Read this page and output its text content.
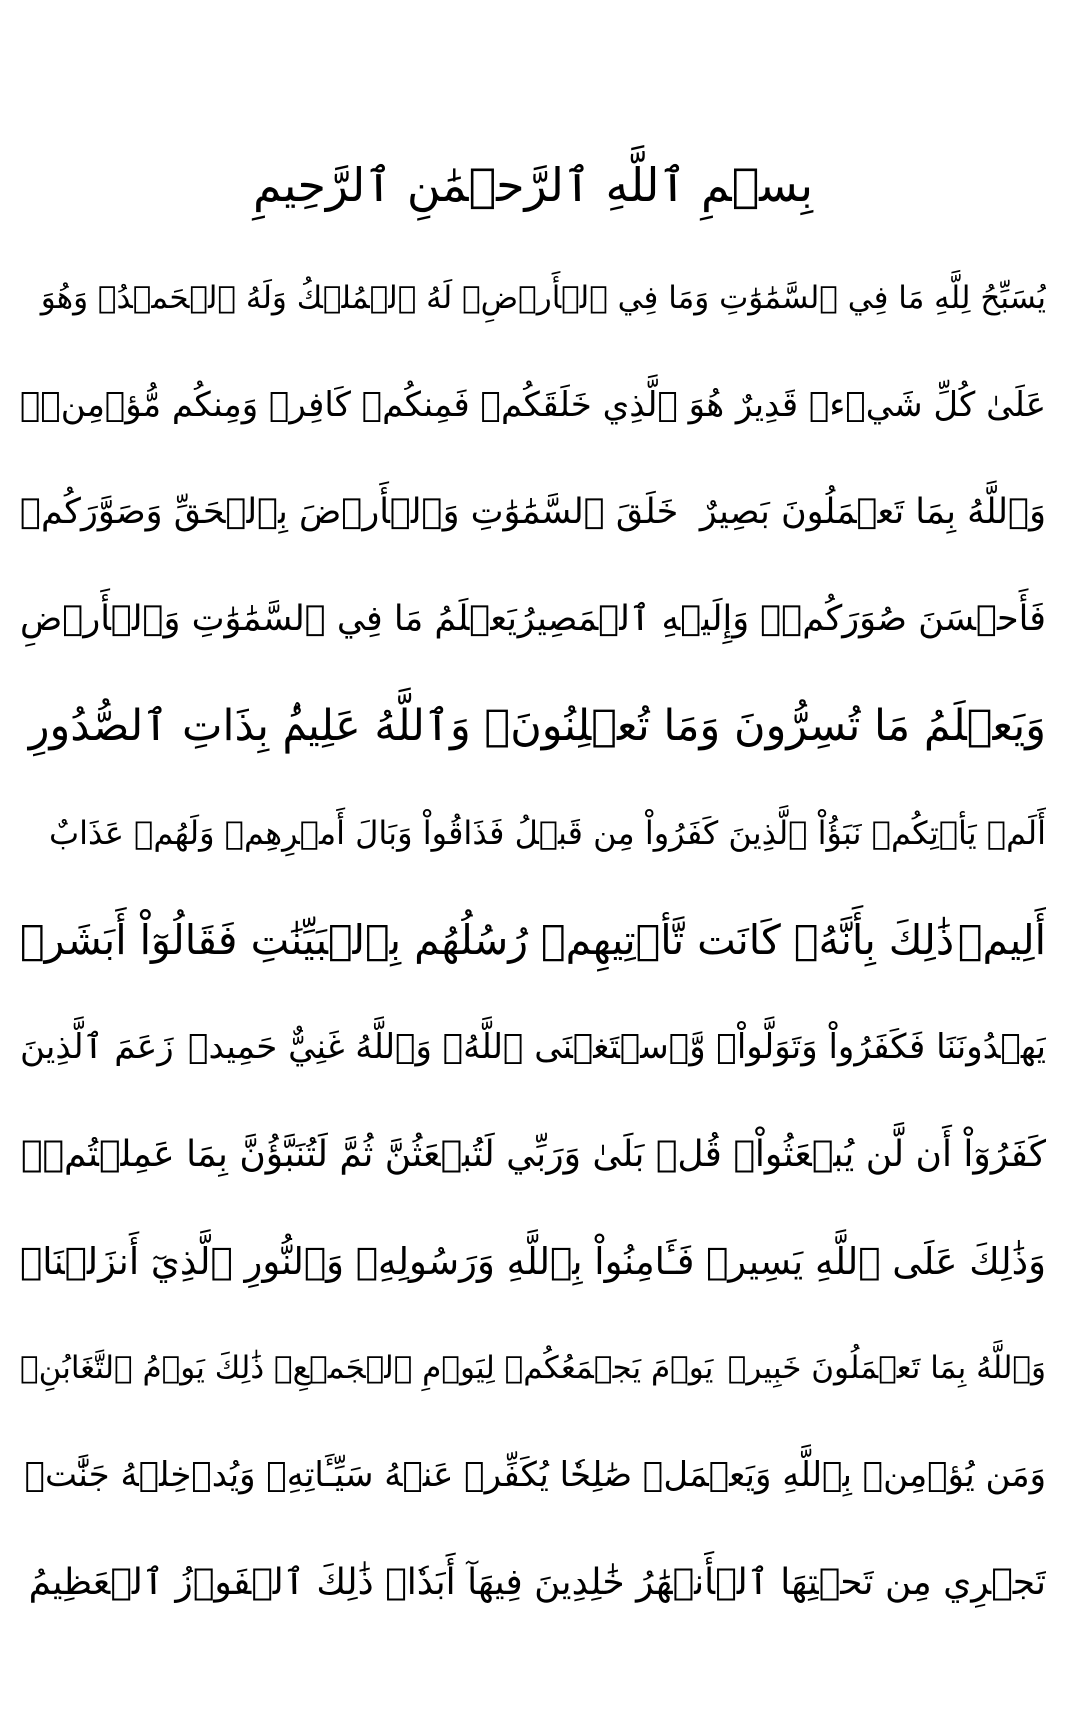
بِسۡمِ ٱللَّهِ ٱلرَّحۡمَٰنِ ٱلرَّحِيمِ
يُسَبِّحُ لِلَّهِ مَا فِي ٱلسَّمَٰوَٰتِ وَمَا فِي ٱلۡأَرۡضِۖ لَهُ ٱلۡمُلۡكُ وَلَهُ ٱلۡحَمۡدُۖ وَهُوَ
عَلَىٰ كُلِّ شَيۡءٖ قَدِيرٌ
هُوَ ٱلَّذِي خَلَقَكُمۡ فَمِنكُمۡ كَافِرٞ وَمِنكُم مُّؤۡمِنٞۚ
وَٱللَّهُ بِمَا تَعۡمَلُونَ بَصِيرٌ
خَلَقَ ٱلسَّمَٰوَٰتِ وَٱلۡأَرۡضَ بِٱلۡحَقِّ وَصَوَّرَكُمۡ
فَأَحۡسَنَ صُوَرَكُمۡۖ وَإِلَيۡهِ ٱلۡمَصِيرُ
يَعۡلَمُ مَا فِي ٱلسَّمَٰوَٰتِ وَٱلۡأَرۡضِ
وَيَعۡلَمُ مَا تُسِرُّونَ وَمَا تُعۡلِنُونَۚ وَٱللَّهُ عَلِيمُۢ بِذَاتِ ٱلصُّدُورِ
أَلَمۡ يَأۡتِكُمۡ نَبَؤُاْ ٱلَّذِينَ كَفَرُواْ مِن قَبۡلُ فَذَاقُواْ وَبَالَ أَمۡرِهِمۡ وَلَهُمۡ عَذَابٌ
أَلِيمٞ
ذَٰلِكَ بِأَنَّهُۥ كَانَت تَّأۡتِيهِمۡ رُسُلُهُم بِٱلۡبَيِّنَٰتِ فَقَالُوٓاْ أَبَشَرٞ
يَهۡدُونَنَا فَكَفَرُواْ وَتَوَلَّواْۖ وَّٱسۡتَغۡنَى ٱللَّهُۚ وَٱللَّهُ غَنِيٌّ حَمِيدٞ
زَعَمَ ٱلَّذِينَ
كَفَرُوٓاْ أَن لَّن يُبۡعَثُواْۚ قُلۡ بَلَىٰ وَرَبِّي لَتُبۡعَثُنَّ ثُمَّ لَتُنَبَّؤُنَّ بِمَا عَمِلۡتُمۡۚ
وَذَٰلِكَ عَلَى ٱللَّهِ يَسِيرٞ
فَـَٔامِنُواْ بِٱللَّهِ وَرَسُولِهِۦ وَٱلنُّورِ ٱلَّذِيٓ أَنزَلۡنَاۚ
وَٱللَّهُ بِمَا تَعۡمَلُونَ خَبِيرٞ
يَوۡمَ يَجۡمَعُكُمۡ لِيَوۡمِ ٱلۡجَمۡعِۖ ذَٰلِكَ يَوۡمُ ٱلتَّغَابُنِۗ
وَمَن يُؤۡمِنۢ بِٱللَّهِ وَيَعۡمَلۡ صَٰلِحٗا يُكَفِّرۡ عَنۡهُ سَيِّـَٔاتِهِۦ وَيُدۡخِلۡهُ جَنَّٰتٖ
تَجۡرِي مِن تَحۡتِهَا ٱلۡأَنۡهَٰرُ خَٰلِدِينَ فِيهَآ أَبَدٗاۚ ذَٰلِكَ ٱلۡفَوۡزُ ٱلۡعَظِيمُ
